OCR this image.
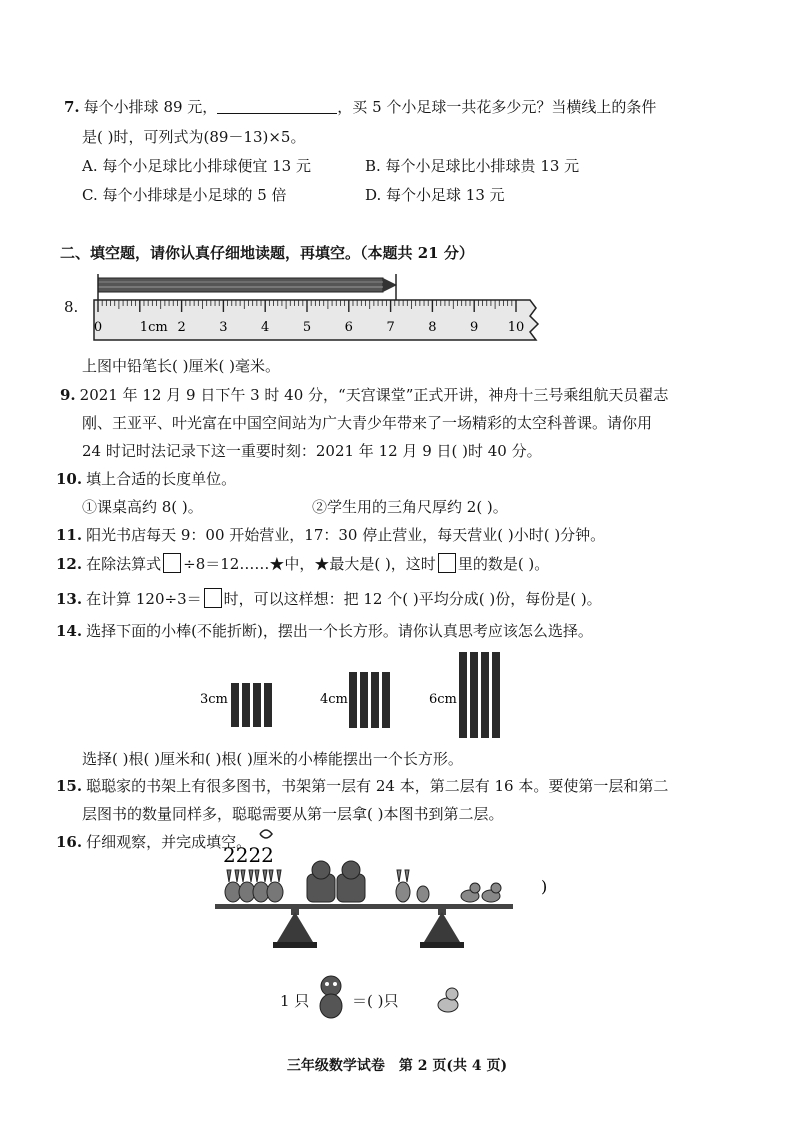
7. 每个小排球 89 元，	，买 5 个小足球一共花多少元？当横线上的条件
是( )时，可列式为(89－13)×5。
A. 每个小足球比小排球便宜 13 元	B. 每个小足球比小排球贵 13 元
C. 每个小排球是小足球的 5 倍	D. 每个小足球 13 元
二、填空题，请你认真仔细地读题，再填空。（本题共 21 分）
8.
0	1cm 2	3	4	5	6	7	8	9 10
上图中铅笔长( )厘米( )毫米。
9. 2021 年 12 月 9 日下午 3 时 40 分，“天宫课堂”正式开讲，神舟十三号乘组航天员翟志
刚、王亚平、叶光富在中国空间站为广大青少年带来了一场精彩的太空科普课。请你用
24 时记时法记录下这一重要时刻：2021 年 12 月 9 日( )时 40 分。
10. 填上合适的长度单位。
①课桌高约 8( )。	②学生用的三角尺厚约 2( )。
11. 阳光书店每天 9：00 开始营业，17：30 停止营业，每天营业( )小时( )分钟。
12. 在除法算式 ÷8＝12……★中，★最大是( )，这时 里的数是( )。
13. 在计算 120÷3＝ 时，可以这样想：把 12 个( )平均分成( )份，每份是( )。
14. 选择下面的小棒(不能折断)，摆出一个长方形。请你认真思考应该怎么选择。
3cm	4cm	6cm
选择( )根( )厘米和( )根( )厘米的小棒能摆出一个长方形。
15. 聪聪家的书架上有很多图书，书架第一层有 24 本，第二层有 16 本。要使第一层和第二
层图书的数量同样多，聪聪需要从第一层拿( )本图书到第二层。
16. 仔细观察，并完成填空。
2222
)
1 只	＝( )只
三年级数学试卷　第 2 页(共 4 页)
